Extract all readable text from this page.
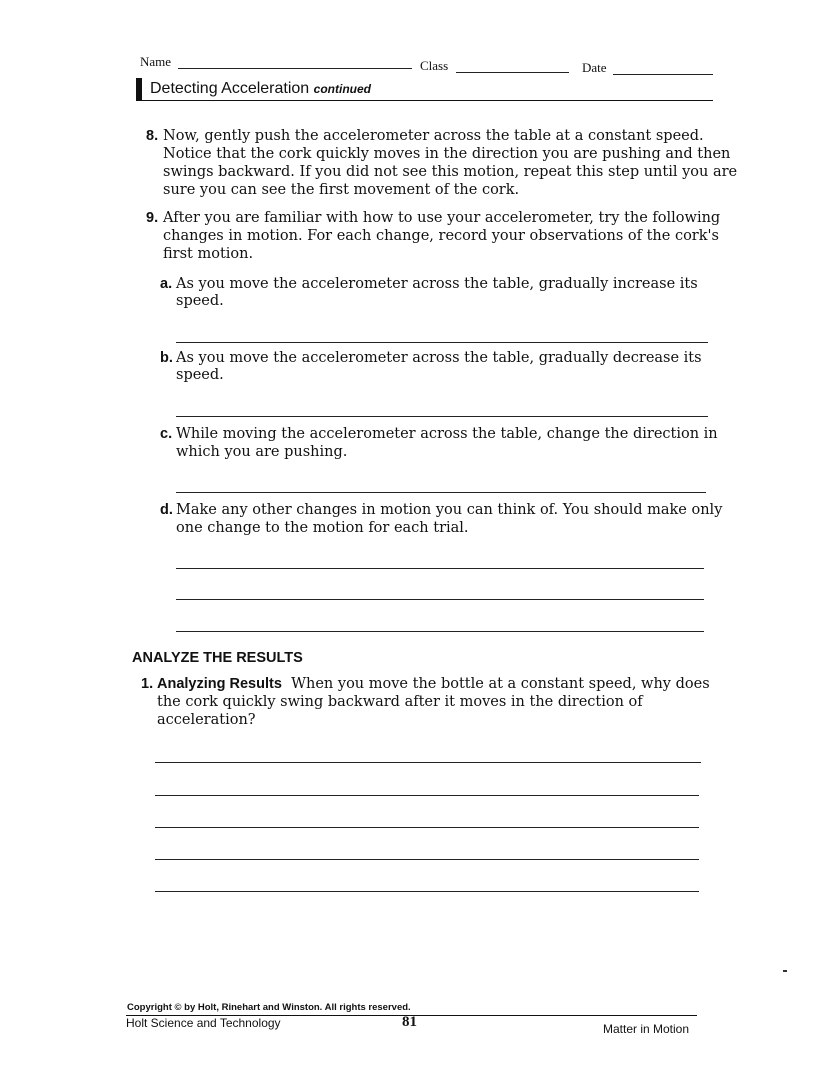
Name	Class	Date
Detecting Acceleration continued
8. Now, gently push the accelerometer across the table at a constant speed.
Notice that the cork quickly moves in the direction you are pushing and then
swings backward. If you did not see this motion, repeat this step until you are
sure you can see the first movement of the cork.
9. After you are familiar with how to use your accelerometer, try the following
changes in motion. For each change, record your observations of the cork's
first motion.
a. As you move the accelerometer across the table, gradually increase its
speed.
b. As you move the accelerometer across the table, gradually decrease its
speed.
c. While moving the accelerometer across the table, change the direction in
which you are pushing.
d. Make any other changes in motion you can think of. You should make only
one change to the motion for each trial.
ANALYZE THE RESULTS
1. Analyzing Results When you move the bottle at a constant speed, why does
the cork quickly swing backward after it moves in the direction of
acceleration?
Copyright © by Holt, Rinehart and Winston. All rights reserved.
Holt Science and Technology	81	Matter in Motion
